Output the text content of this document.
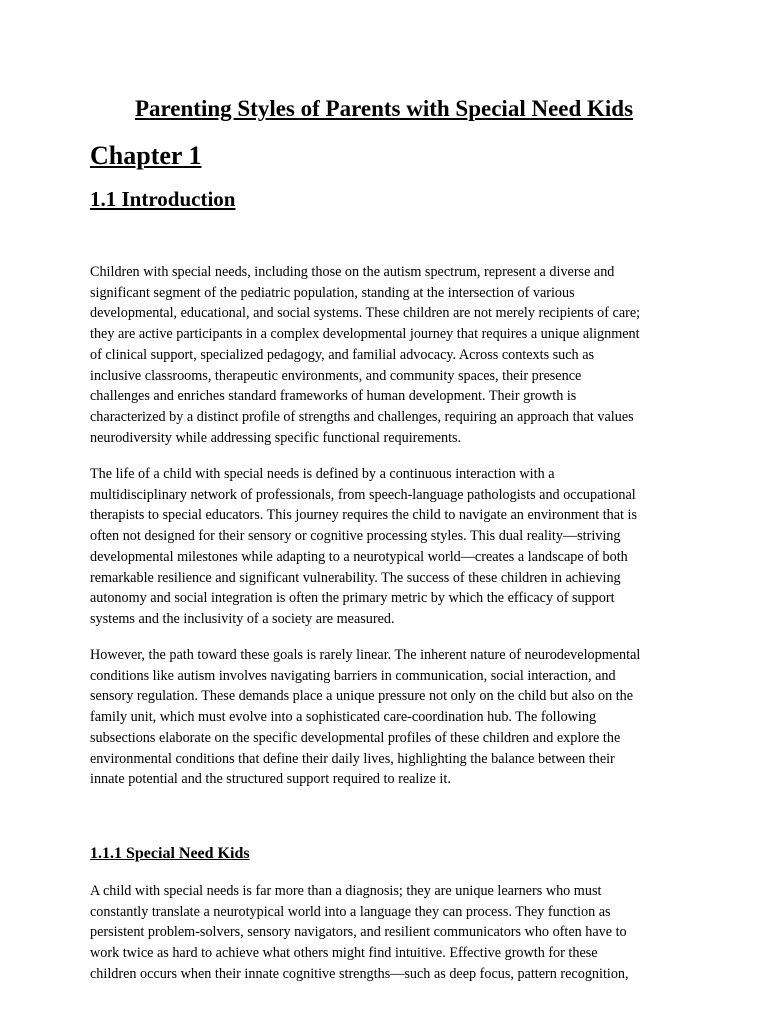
Parenting Styles of Parents with Special Need Kids
Chapter 1
1.1 Introduction

Children with special needs, including those on the autism spectrum, represent a diverse and
significant segment of the pediatric population, standing at the intersection of various
developmental, educational, and social systems. These children are not merely recipients of care;
they are active participants in a complex developmental journey that requires a unique alignment
of clinical support, specialized pedagogy, and familial advocacy. Across contexts such as
inclusive classrooms, therapeutic environments, and community spaces, their presence
challenges and enriches standard frameworks of human development. Their growth is
characterized by a distinct profile of strengths and challenges, requiring an approach that values
neurodiversity while addressing specific functional requirements.

The life of a child with special needs is defined by a continuous interaction with a
multidisciplinary network of professionals, from speech-language pathologists and occupational
therapists to special educators. This journey requires the child to navigate an environment that is
often not designed for their sensory or cognitive processing styles. This dual reality—striving
developmental milestones while adapting to a neurotypical world—creates a landscape of both
remarkable resilience and significant vulnerability. The success of these children in achieving
autonomy and social integration is often the primary metric by which the efficacy of support
systems and the inclusivity of a society are measured.

However, the path toward these goals is rarely linear. The inherent nature of neurodevelopmental
conditions like autism involves navigating barriers in communication, social interaction, and
sensory regulation. These demands place a unique pressure not only on the child but also on the
family unit, which must evolve into a sophisticated care-coordination hub. The following
subsections elaborate on the specific developmental profiles of these children and explore the
environmental conditions that define their daily lives, highlighting the balance between their
innate potential and the structured support required to realize it.

1.1.1 Special Need Kids

A child with special needs is far more than a diagnosis; they are unique learners who must
constantly translate a neurotypical world into a language they can process. They function as
persistent problem-solvers, sensory navigators, and resilient communicators who often have to
work twice as hard to achieve what others might find intuitive. Effective growth for these
children occurs when their innate cognitive strengths—such as deep focus, pattern recognition,
